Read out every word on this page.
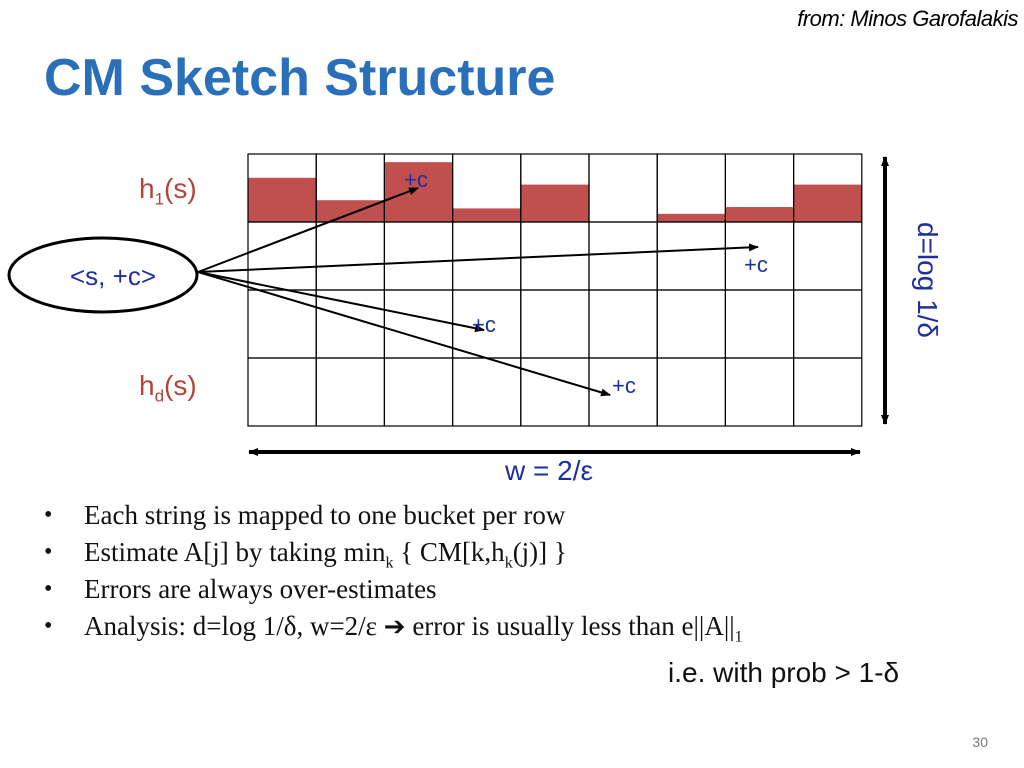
from: Minos Garofalakis
CM Sketch Structure
<s, +c>
+c
+c
+c
+c
d=log 1/δ
w = 2/ε
$h_1(s)$
$h_d(s)$
• Each string is mapped to one bucket per row
• Estimate A[j] by taking $\min_k$ { $CM[k,h_k(j)]$ }
• Errors are always over-estimates
• Analysis: d=log 1/δ, w=2/ε ➔ error is usually less than $e||A||_1$
i.e. with prob > 1-δ
30
